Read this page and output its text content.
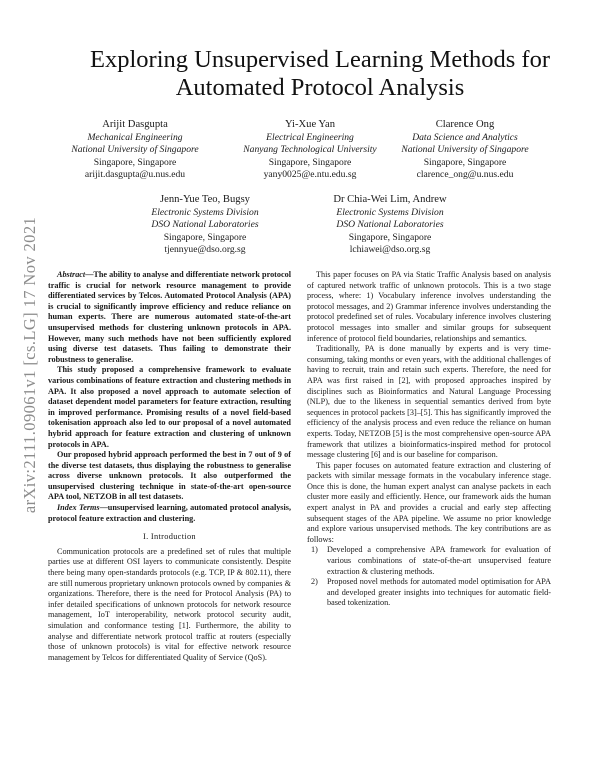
arXiv:2111.09061v1 [cs.LG] 17 Nov 2021
Exploring Unsupervised Learning Methods for
Automated Protocol Analysis
Arijit Dasgupta
Mechanical Engineering
National University of Singapore
Singapore, Singapore
arijit.dasgupta@u.nus.edu
Yi-Xue Yan
Electrical Engineering
Nanyang Technological University
Singapore, Singapore
yany0025@e.ntu.edu.sg
Clarence Ong
Data Science and Analytics
National University of Singapore
Singapore, Singapore
clarence_ong@u.nus.edu
Jenn-Yue Teo, Bugsy
Electronic Systems Division
DSO National Laboratories
Singapore, Singapore
tjennyue@dso.org.sg
Dr Chia-Wei Lim, Andrew
Electronic Systems Division
DSO National Laboratories
Singapore, Singapore
lchiawei@dso.org.sg

Abstract—The ability to analyse and differentiate network protocol traffic is crucial for network resource management to provide differentiated services by Telcos. Automated Protocol Analysis (APA) is crucial to significantly improve efficiency and reduce reliance on human experts. There are numerous automated state-of-the-art unsupervised methods for clustering unknown protocols in APA. However, many such methods have not been sufficiently explored using diverse test datasets. Thus failing to demonstrate their robustness to generalise.

This study proposed a comprehensive framework to evaluate various combinations of feature extraction and clustering methods in APA. It also proposed a novel approach to automate selection of dataset dependent model parameters for feature extraction, resulting in improved performance. Promising results of a novel field-based tokenisation approach also led to our proposal of a novel automated hybrid approach for feature extraction and clustering of unknown protocols in APA.

Our proposed hybrid approach performed the best in 7 out of 9 of the diverse test datasets, thus displaying the robustness to generalise across diverse unknown protocols. It also outperformed the unsupervised clustering technique in state-of-the-art open-source APA tool, NETZOB in all test datasets.

Index Terms—unsupervised learning, automated protocol analysis, protocol feature extraction and clustering.

I. Introduction

Communication protocols are a predefined set of rules that multiple parties use at different OSI layers to communicate consistently. Despite there being many open-standards protocols (e.g. TCP, IP & 802.11), there are still numerous proprietary unknown protocols owned by companies & organizations. Therefore, there is the need for Protocol Analysis (PA) to infer detailed specifications of unknown protocols for network resource management, IoT interoperability, network protocol security audit, simulation and conformance testing [1]. Furthermore, the ability to analyse and differentiate network protocol traffic at routers (especially those of unknown protocols) is vital for effective network resource management by Telcos for differentiated Quality of Service (QoS).

This paper focuses on PA via Static Traffic Analysis based on analysis of captured network traffic of unknown protocols. This is a two stage process, where: 1) Vocabulary inference involves understanding the protocol messages, and 2) Grammar inference involves understanding the protocol predefined set of rules. Vocabulary inference involves clustering protocol messages into smaller and similar groups for subsequent inference of protocol field boundaries, relationships and semantics.

Traditionally, PA is done manually by experts and is very time-consuming, taking months or even years, with the additional challenges of having to recruit, train and retain such experts. Therefore, the need for APA was first raised in [2], with proposed approaches inspired by disciplines such as Bioinformatics and Natural Language Processing (NLP), due to the likeness in sequential semantics derived from byte sequences in protocol packets [3]–[5]. This has significantly improved the efficiency of the analysis process and even reduce the reliance on human experts. Today, NETZOB [5] is the most comprehensive open-source APA framework that utilizes a bioinformatics-inspired method for protocol message clustering [6] and is our baseline for comparison.

This paper focuses on automated feature extraction and clustering of packets with similar message formats in the vocabulary inference stage. Once this is done, the human expert analyst can analyse packets in each cluster more easily and efficiently. Hence, our framework aids the human expert analyst in PA and provides a crucial and early step affecting subsequent stages of the APA pipeline. We assume no prior knowledge and explore various unsupervised methods. The key contributions are as follows:

1) Developed a comprehensive APA framework for evaluation of various combinations of state-of-the-art unsupervised feature extraction & clustering methods.
2) Proposed novel methods for automated model optimisation for APA and developed greater insights into techniques for automatic field-based tokenization.
